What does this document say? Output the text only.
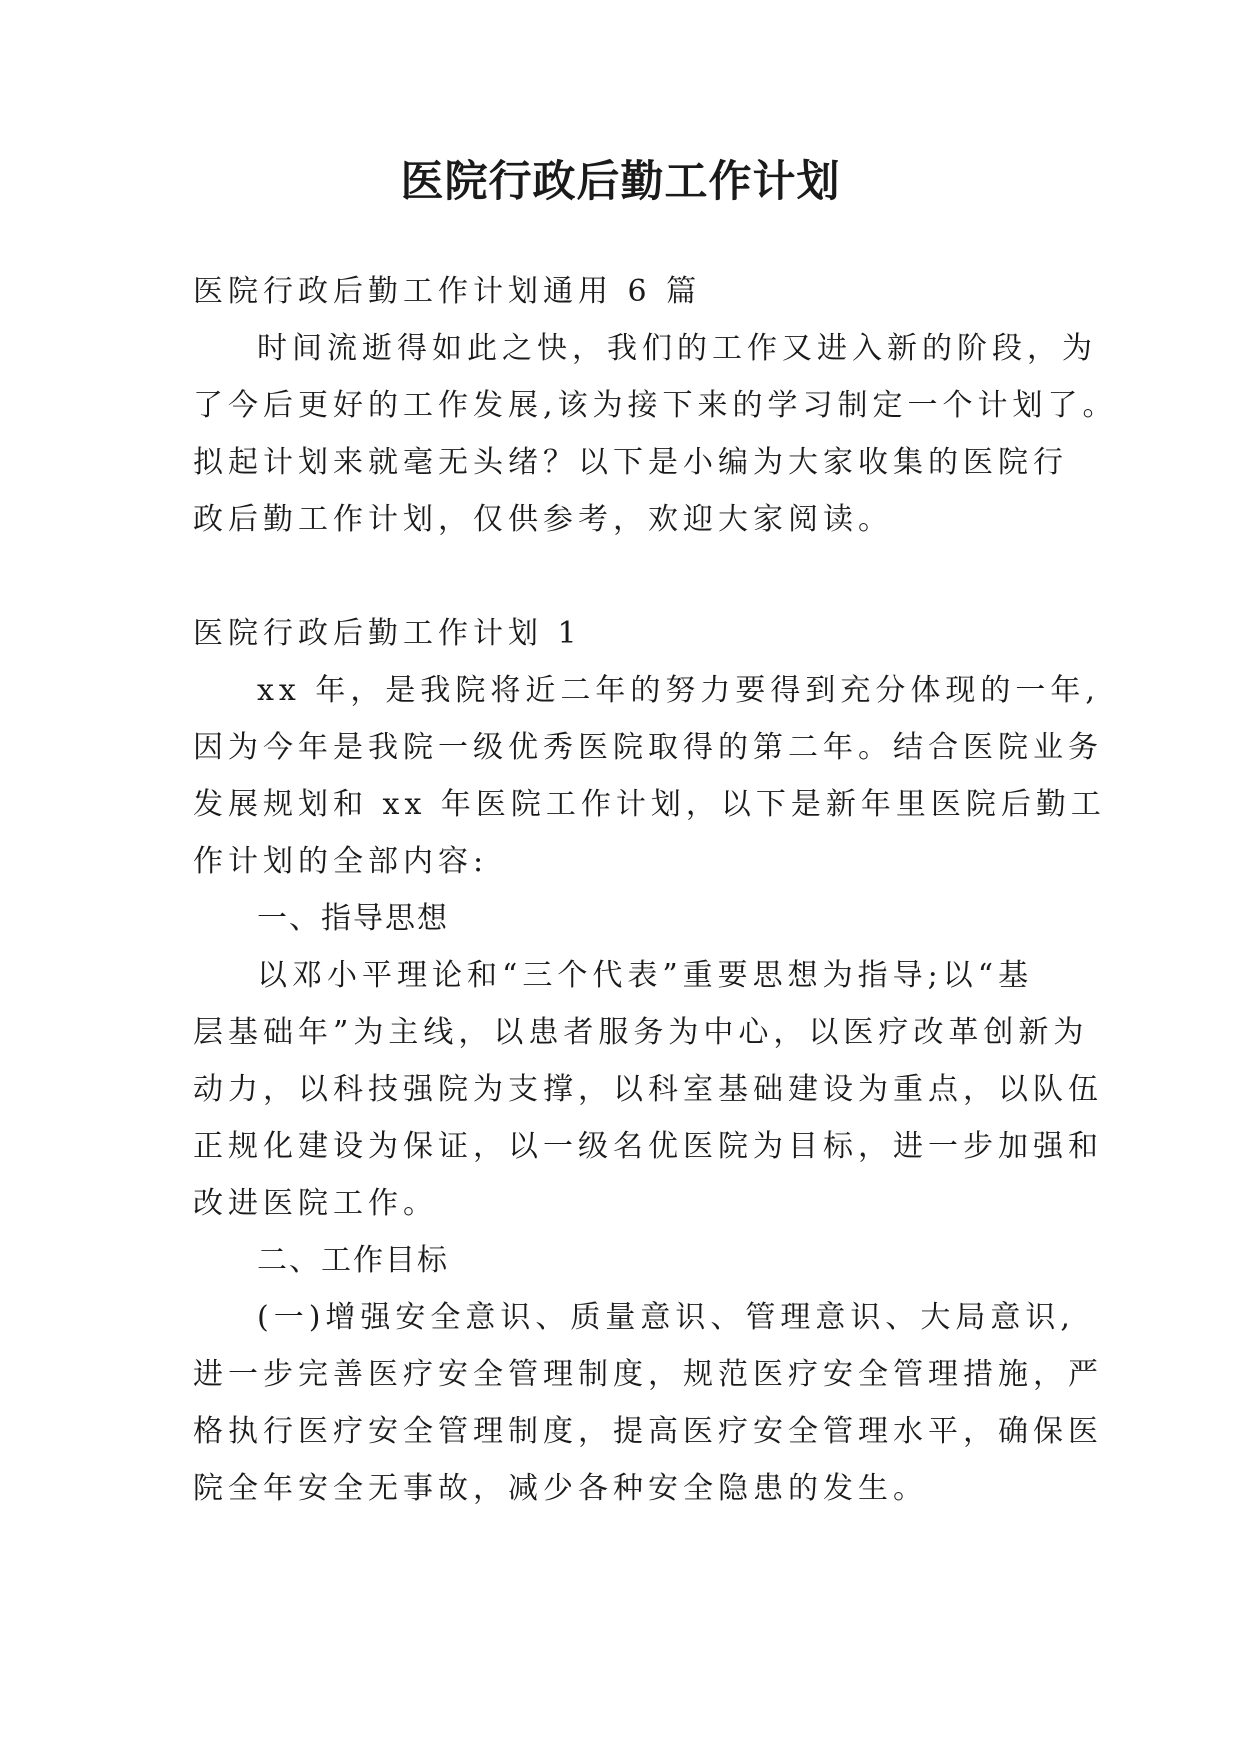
医院行政后勤工作计划
医院行政后勤工作计划通用 6 篇
时间流逝得如此之快，我们的工作又进入新的阶段，为
了今后更好的工作发展,该为接下来的学习制定一个计划了。
拟起计划来就毫无头绪？以下是小编为大家收集的医院行
政后勤工作计划，仅供参考，欢迎大家阅读。
医院行政后勤工作计划 1
xx 年，是我院将近二年的努力要得到充分体现的一年,
因为今年是我院一级优秀医院取得的第二年。结合医院业务
发展规划和 xx 年医院工作计划，以下是新年里医院后勤工
作计划的全部内容:
一、指导思想
以邓小平理论和“三个代表”重要思想为指导;以“基
层基础年”为主线，以患者服务为中心，以医疗改革创新为
动力，以科技强院为支撑，以科室基础建设为重点，以队伍
正规化建设为保证，以一级名优医院为目标，进一步加强和
改进医院工作。
二、工作目标
(一)增强安全意识、质量意识、管理意识、大局意识,
进一步完善医疗安全管理制度，规范医疗安全管理措施，严
格执行医疗安全管理制度，提高医疗安全管理水平，确保医
院全年安全无事故，减少各种安全隐患的发生。
